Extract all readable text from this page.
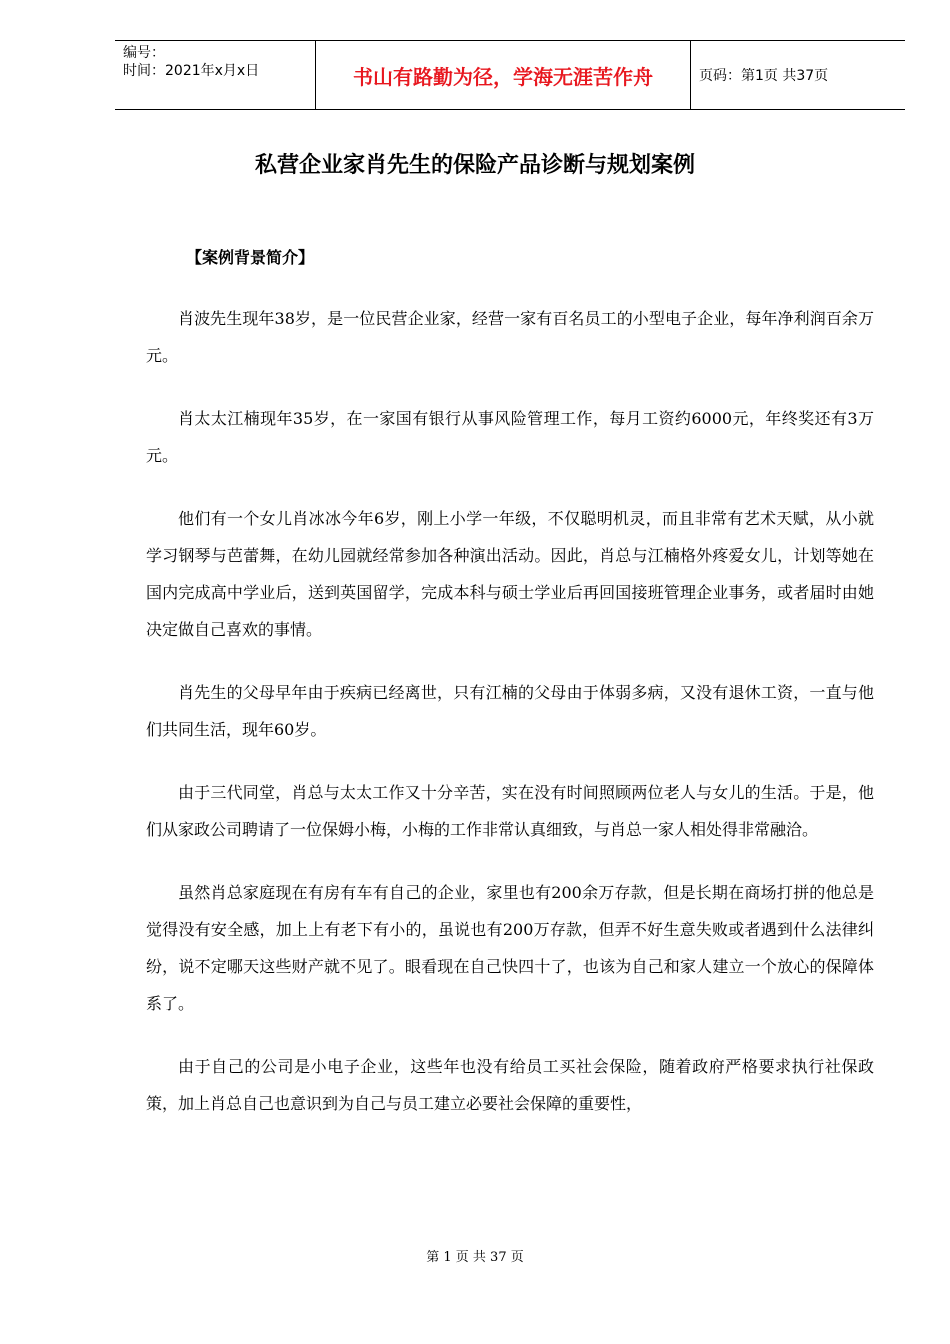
编号：
时间：2021年x月x日	书山有路勤为径，学海无涯苦作舟	页码：第1页 共37页
私营企业家肖先生的保险产品诊断与规划案例
【案例背景简介】

肖波先生现年38岁，是一位民营企业家，经营一家有百名员工的小型电子企业，每年净利润百余万元。

肖太太江楠现年35岁，在一家国有银行从事风险管理工作，每月工资约6000元，年终奖还有3万元。

他们有一个女儿肖冰冰今年6岁，刚上小学一年级，不仅聪明机灵，而且非常有艺术天赋，从小就学习钢琴与芭蕾舞，在幼儿园就经常参加各种演出活动。因此，肖总与江楠格外疼爱女儿，计划等她在国内完成高中学业后，送到英国留学，完成本科与硕士学业后再回国接班管理企业事务，或者届时由她决定做自己喜欢的事情。

肖先生的父母早年由于疾病已经离世，只有江楠的父母由于体弱多病，又没有退休工资，一直与他们共同生活，现年60岁。

由于三代同堂，肖总与太太工作又十分辛苦，实在没有时间照顾两位老人与女儿的生活。于是，他们从家政公司聘请了一位保姆小梅，小梅的工作非常认真细致，与肖总一家人相处得非常融洽。

虽然肖总家庭现在有房有车有自己的企业，家里也有200余万存款，但是长期在商场打拼的他总是觉得没有安全感，加上上有老下有小的，虽说也有200万存款，但弄不好生意失败或者遇到什么法律纠纷，说不定哪天这些财产就不见了。眼看现在自己快四十了，也该为自己和家人建立一个放心的保障体系了。

由于自己的公司是小电子企业，这些年也没有给员工买社会保险，随着政府严格要求执行社保政策，加上肖总自己也意识到为自己与员工建立必要社会保障的重要性，

第 1 页 共 37 页
